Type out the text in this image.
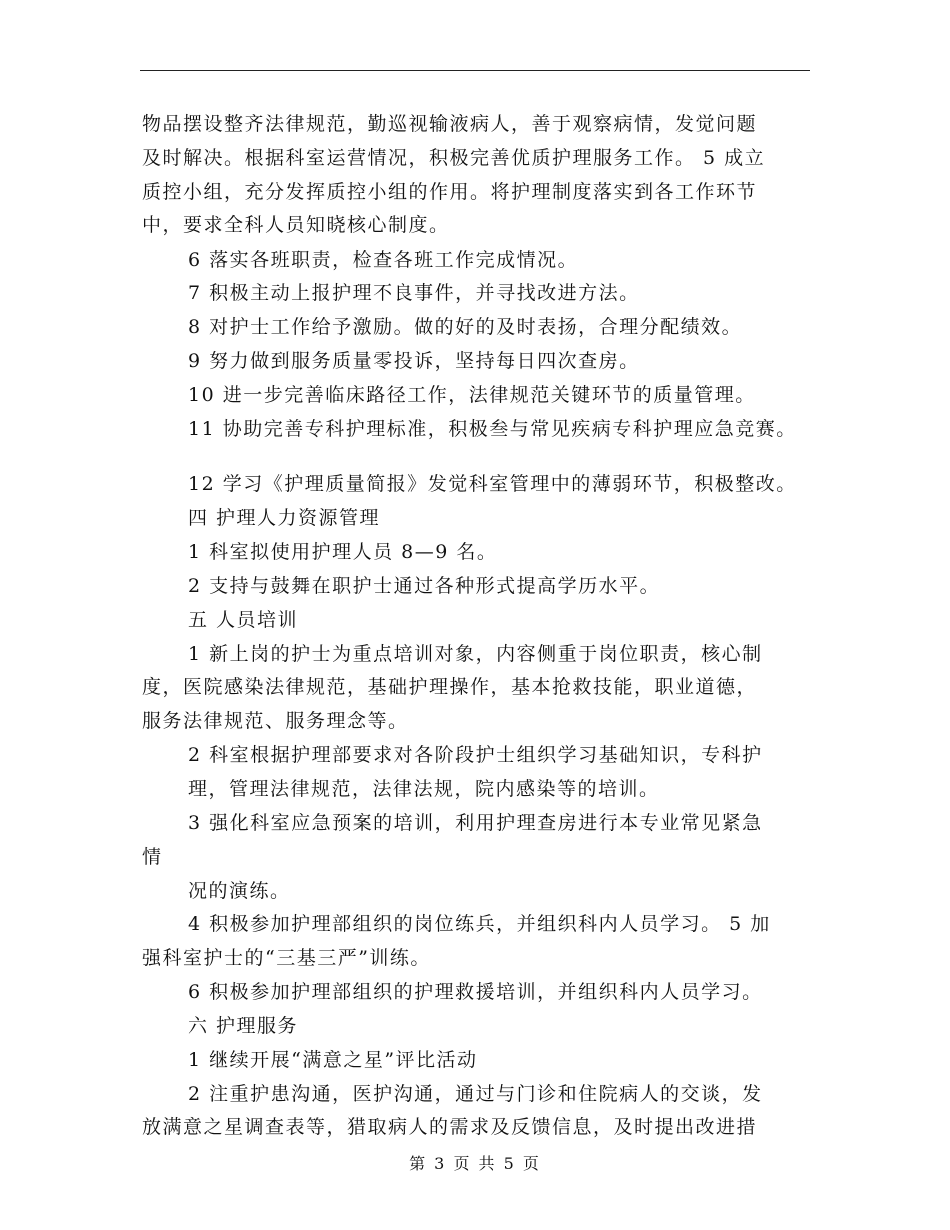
物品摆设整齐法律规范，勤巡视输液病人，善于观察病情，发觉问题
及时解决。根据科室运营情况，积极完善优质护理服务工作。 5 成立
质控小组，充分发挥质控小组的作用。将护理制度落实到各工作环节
中，要求全科人员知晓核心制度。
6 落实各班职责，检查各班工作完成情况。
7 积极主动上报护理不良事件，并寻找改进方法。
8 对护士工作给予激励。做的好的及时表扬，合理分配绩效。
9 努力做到服务质量零投诉，坚持每日四次查房。
10 进一步完善临床路径工作，法律规范关键环节的质量管理。
11 协助完善专科护理标准，积极叁与常见疾病专科护理应急竞赛。
12 学习《护理质量简报》发觉科室管理中的薄弱环节，积极整改。
四 护理人力资源管理
1 科室拟使用护理人员 8—9 名。
2 支持与鼓舞在职护士通过各种形式提高学历水平。
五 人员培训
1 新上岗的护士为重点培训对象，内容侧重于岗位职责，核心制
度，医院感染法律规范，基础护理操作，基本抢救技能，职业道德，
服务法律规范、服务理念等。
2 科室根据护理部要求对各阶段护士组织学习基础知识，专科护
理，管理法律规范，法律法规，院内感染等的培训。
3 强化科室应急预案的培训，利用护理查房进行本专业常见紧急
情
况的演练。
4 积极参加护理部组织的岗位练兵，并组织科内人员学习。 5 加
强科室护士的“三基三严”训练。
6 积极参加护理部组织的护理救援培训，并组织科内人员学习。
六 护理服务
1 继续开展“满意之星”评比活动
2 注重护患沟通，医护沟通，通过与门诊和住院病人的交谈，发
放满意之星调查表等，猎取病人的需求及反馈信息，及时提出改进措
第 3 页 共 5 页
